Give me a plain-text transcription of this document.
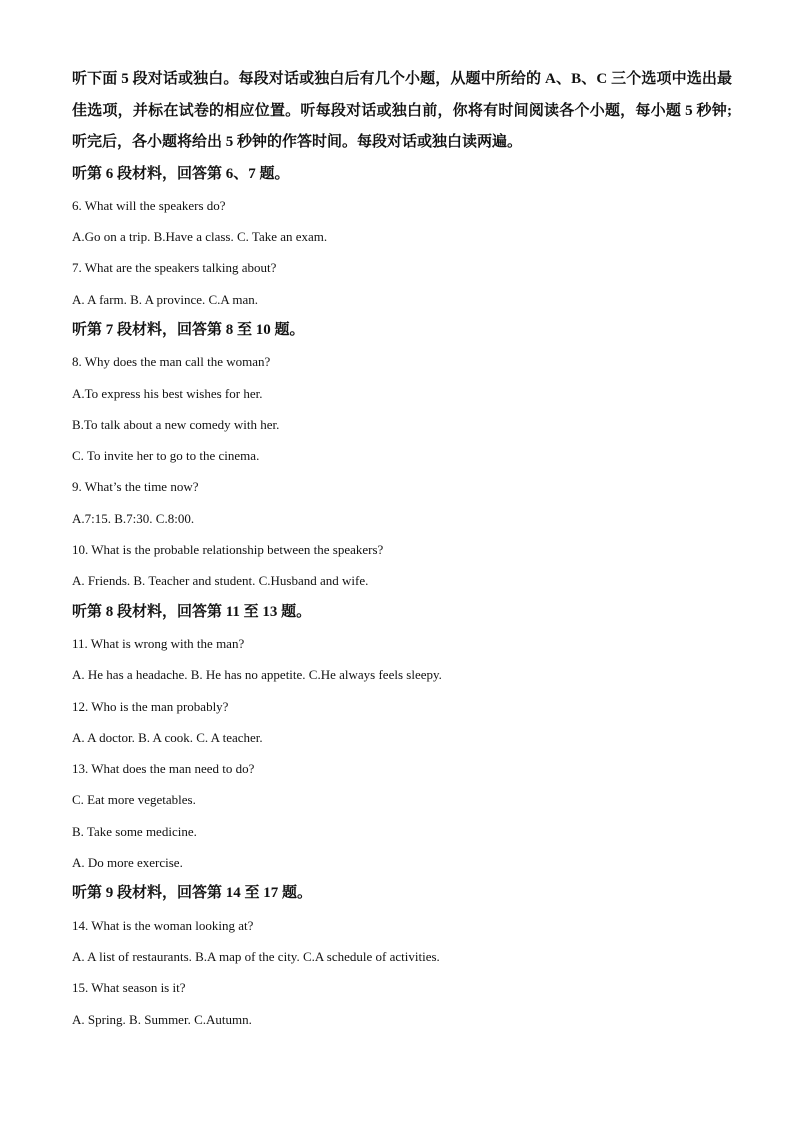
听下面 5 段对话或独白。每段对话或独白后有几个小题，从题中所给的 A、B、C 三个选项中选出最佳选项，并标在试卷的相应位置。听每段对话或独白前，你将有时间阅读各个小题，每小题 5 秒钟;听完后，各小题将给出 5 秒钟的作答时间。每段对话或独白读两遍。

听第 6 段材料，回答第 6、7 题。

6. What will the speakers do?

A.Go on a trip. B.Have a class. C. Take an exam.

7. What are the speakers talking about?

A. A farm. B. A province. C.A man.

听第 7 段材料，回答第 8 至 10 题。

8. Why does the man call the woman?

A.To express his best wishes for her.

B.To talk about a new comedy with her.

C. To invite her to go to the cinema.

9. What’s the time now?

A.7:15. B.7:30. C.8:00.

10. What is the probable relationship between the speakers?

A. Friends. B. Teacher and student. C.Husband and wife.

听第 8 段材料，回答第 11 至 13 题。

11. What is wrong with the man?

A. He has a headache. B. He has no appetite. C.He always feels sleepy.

12. Who is the man probably?

A. A doctor. B. A cook. C. A teacher.

13. What does the man need to do?

C. Eat more vegetables.

B. Take some medicine.

A. Do more exercise.

听第 9 段材料，回答第 14 至 17 题。

14. What is the woman looking at?

A. A list of restaurants. B.A map of the city. C.A schedule of activities.

15. What season is it?

A. Spring. B. Summer. C.Autumn.
